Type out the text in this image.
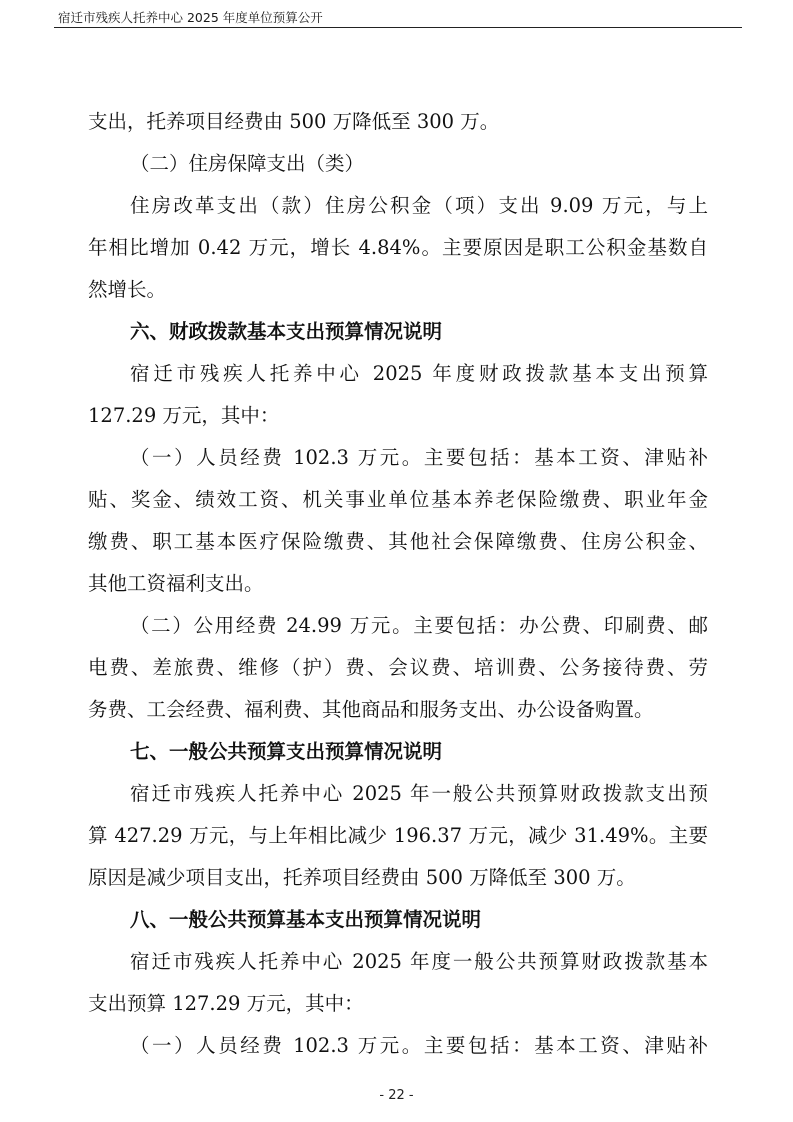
宿迁市残疾人托养中心 2025 年度单位预算公开
支出，托养项目经费由 500 万降低至 300 万。
（二）住房保障支出（类）
住房改革支出（款）住房公积金（项）支出 9.09 万元，与上
年相比增加 0.42 万元，增长 4.84%。主要原因是职工公积金基数自
然增长。
六、财政拨款基本支出预算情况说明
宿迁市残疾人托养中心 2025 年度财政拨款基本支出预算
127.29 万元，其中：
（一）人员经费 102.3 万元。主要包括：基本工资、津贴补
贴、奖金、绩效工资、机关事业单位基本养老保险缴费、职业年金
缴费、职工基本医疗保险缴费、其他社会保障缴费、住房公积金、
其他工资福利支出。
（二）公用经费 24.99 万元。主要包括：办公费、印刷费、邮
电费、差旅费、维修（护）费、会议费、培训费、公务接待费、劳
务费、工会经费、福利费、其他商品和服务支出、办公设备购置。
七、一般公共预算支出预算情况说明
宿迁市残疾人托养中心 2025 年一般公共预算财政拨款支出预
算 427.29 万元，与上年相比减少 196.37 万元，减少 31.49%。主要
原因是减少项目支出，托养项目经费由 500 万降低至 300 万。
八、一般公共预算基本支出预算情况说明
宿迁市残疾人托养中心 2025 年度一般公共预算财政拨款基本
支出预算 127.29 万元，其中：
（一）人员经费 102.3 万元。主要包括：基本工资、津贴补
- 22 -
